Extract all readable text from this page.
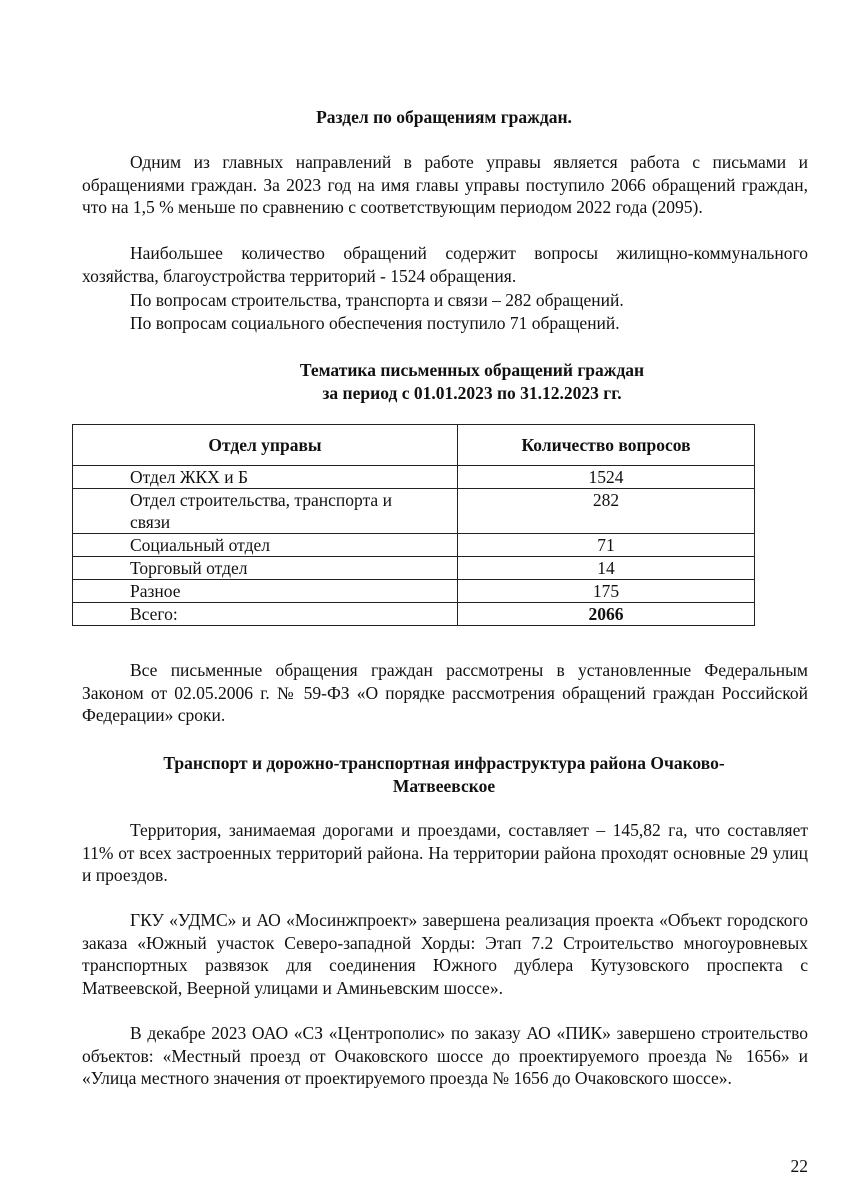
Раздел по обращениям граждан.
Одним из главных направлений в работе управы является работа с письмами и обращениями граждан. За 2023 год на имя главы управы поступило 2066 обращений граждан, что на 1,5 % меньше по сравнению с соответствующим периодом 2022 года (2095).
Наибольшее количество обращений содержит вопросы жилищно-коммунального хозяйства, благоустройства территорий - 1524 обращения.
По вопросам строительства, транспорта и связи – 282 обращений.
По вопросам социального обеспечения поступило 71 обращений.
Тематика письменных обращений граждан
за период с 01.01.2023 по 31.12.2023 гг.
Отдел управы	Количество вопросов
Отдел ЖКХ и Б	1524
Отдел строительства, транспорта и связи	282
Социальный отдел	71
Торговый отдел	14
Разное	175
Всего:	2066
Все письменные обращения граждан рассмотрены в установленные Федеральным Законом от 02.05.2006 г. № 59-ФЗ «О порядке рассмотрения обращений граждан Российской Федерации» сроки.
Транспорт и дорожно-транспортная инфраструктура района Очаково-
Матвеевское
Территория, занимаемая дорогами и проездами, составляет – 145,82 га, что составляет 11% от всех застроенных территорий района. На территории района проходят основные 29 улиц и проездов.
ГКУ «УДМС» и АО «Мосинжпроект» завершена реализация проекта «Объект городского заказа «Южный участок Северо-западной Хорды: Этап 7.2 Строительство многоуровневых транспортных развязок для соединения Южного дублера Кутузовского проспекта с Матвеевской, Веерной улицами и Аминьевским шоссе».
В декабре 2023 ОАО «СЗ «Центрополис» по заказу АО «ПИК» завершено строительство объектов: «Местный проезд от Очаковского шоссе до проектируемого проезда № 1656» и «Улица местного значения от проектируемого проезда № 1656 до Очаковского шоссе».
22
